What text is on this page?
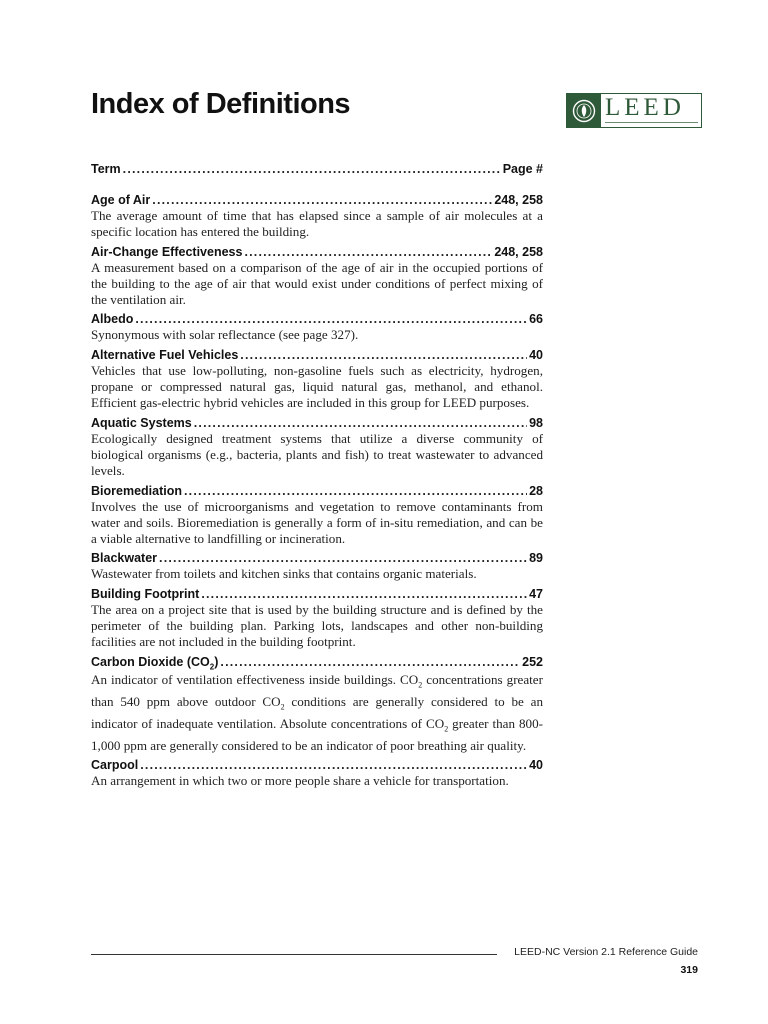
Index of Definitions	LEED
Term .....	Page #
Age of Air .....	248, 258

The average amount of time that has elapsed since a sample of air molecules at a specific location has entered the building.

Air-Change Effectiveness .....	248, 258

A measurement based on a comparison of the age of air in the occupied portions of the building to the age of air that would exist under conditions of perfect mixing of the ventilation air.

Albedo .....	66

Synonymous with solar reflectance (see page 327).

Alternative Fuel Vehicles .....	40

Vehicles that use low-polluting, non-gasoline fuels such as electricity, hydrogen, propane or compressed natural gas, liquid natural gas, methanol, and ethanol. Efficient gas-electric hybrid vehicles are included in this group for LEED purposes.

Aquatic Systems .....	98

Ecologically designed treatment systems that utilize a diverse community of biological organisms (e.g., bacteria, plants and fish) to treat wastewater to advanced levels.

Bioremediation .....	28

Involves the use of microorganisms and vegetation to remove contaminants from water and soils. Bioremediation is generally a form of in-situ remediation, and can be a viable alternative to landfilling or incineration.

Blackwater .....	89

Wastewater from toilets and kitchen sinks that contains organic materials.

Building Footprint .....	47

The area on a project site that is used by the building structure and is defined by the perimeter of the building plan. Parking lots, landscapes and other non-building facilities are not included in the building footprint.

Carbon Dioxide $(CO_2)$ .....	252

An indicator of ventilation effectiveness inside buildings. $CO_2$ concentrations greater than 540 ppm above outdoor $CO_2$ conditions are generally considered to be an indicator of inadequate ventilation. Absolute concentrations of $CO_2$ greater than 800-1,000 ppm are generally considered to be an indicator of poor breathing air quality.

Carpool .....	40

An arrangement in which two or more people share a vehicle for transportation.

LEED-NC Version 2.1 Reference Guide
319
